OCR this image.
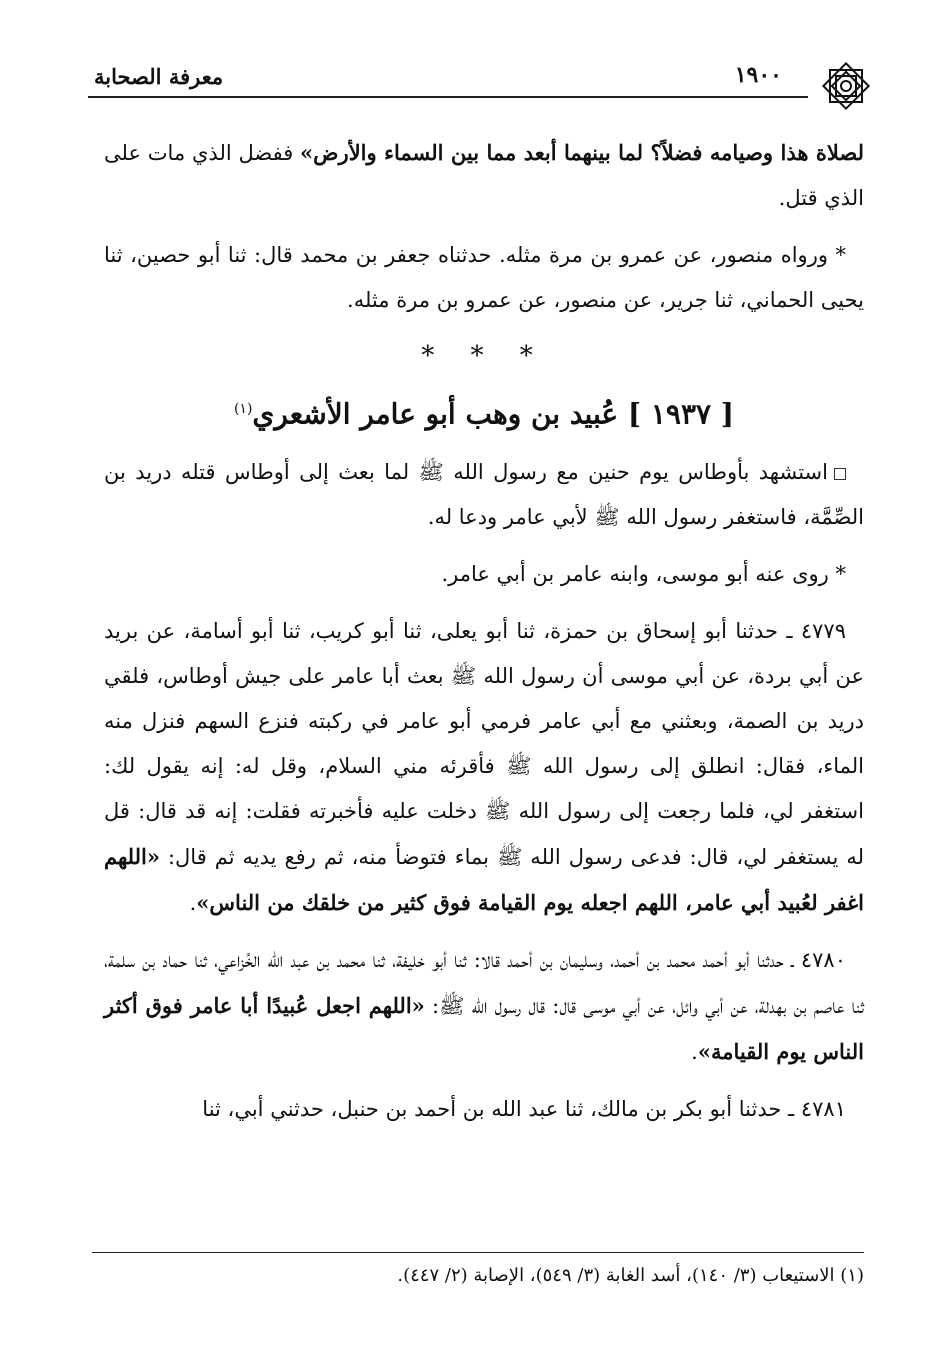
١٩٠٠
معرفة الصحابة

لصلاة هذا وصيامه فضلاً؟ لما بينهما أبعد مما بين السماء والأرض» ففضل الذي مات على الذي قتل.

* ورواه منصور، عن عمرو بن مرة مثله. حدثناه جعفر بن محمد قال: ثنا أبو حصين، ثنا يحيى الحماني، ثنا جرير، عن منصور، عن عمرو بن مرة مثله.

* * *
[ ١٩٣٧ ] عُبيد بن وهب أبو عامر الأشعري$^{(١)}$

استشهد بأوطاس يوم حنين مع رسول الله ﷺ لما بعث إلى أوطاس قتله دريد بن الصِّمَّة، فاستغفر رسول الله ﷺ لأبي عامر ودعا له.

* روى عنه أبو موسى، وابنه عامر بن أبي عامر.

٤٧٧٩ ـ حدثنا أبو إسحاق بن حمزة، ثنا أبو يعلى، ثنا أبو كريب، ثنا أبو أسامة، عن بريد عن أبي بردة، عن أبي موسى أن رسول الله ﷺ بعث أبا عامر على جيش أوطاس، فلقي دريد بن الصمة، وبعثني مع أبي عامر فرمي أبو عامر في ركبته فنزع السهم فنزل منه الماء، فقال: انطلق إلى رسول الله ﷺ فأقرئه مني السلام، وقل له: إنه يقول لك: استغفر لي، فلما رجعت إلى رسول الله ﷺ دخلت عليه فأخبرته فقلت: إنه قد قال: قل له يستغفر لي، قال: فدعى رسول الله ﷺ بماء فتوضأ منه، ثم رفع يديه ثم قال: «اللهم اغفر لعُبيد أبي عامر، اللهم اجعله يوم القيامة فوق كثير من خلقك من الناس».

٤٧٨٠ ـ حدثنا أبو أحمد محمد بن أحمد، وسليمان بن أحمد قالا: ثنا أبو خليفة، ثنا محمد بن عبد الله الخُزاعي، ثنا حماد بن سلمة، ثنا عاصم بن بهدلة، عن أبي وائل، عن أبي موسى قال: قال رسول الله ﷺ: «اللهم اجعل عُبيدًا أبا عامر فوق أكثر الناس يوم القيامة».

٤٧٨١ ـ حدثنا أبو بكر بن مالك، ثنا عبد الله بن أحمد بن حنبل، حدثني أبي، ثنا

(١) الاستيعاب (٣/ ١٤٠)، أسد الغابة (٣/ ٥٤٩)، الإصابة (٢/ ٤٤٧).
